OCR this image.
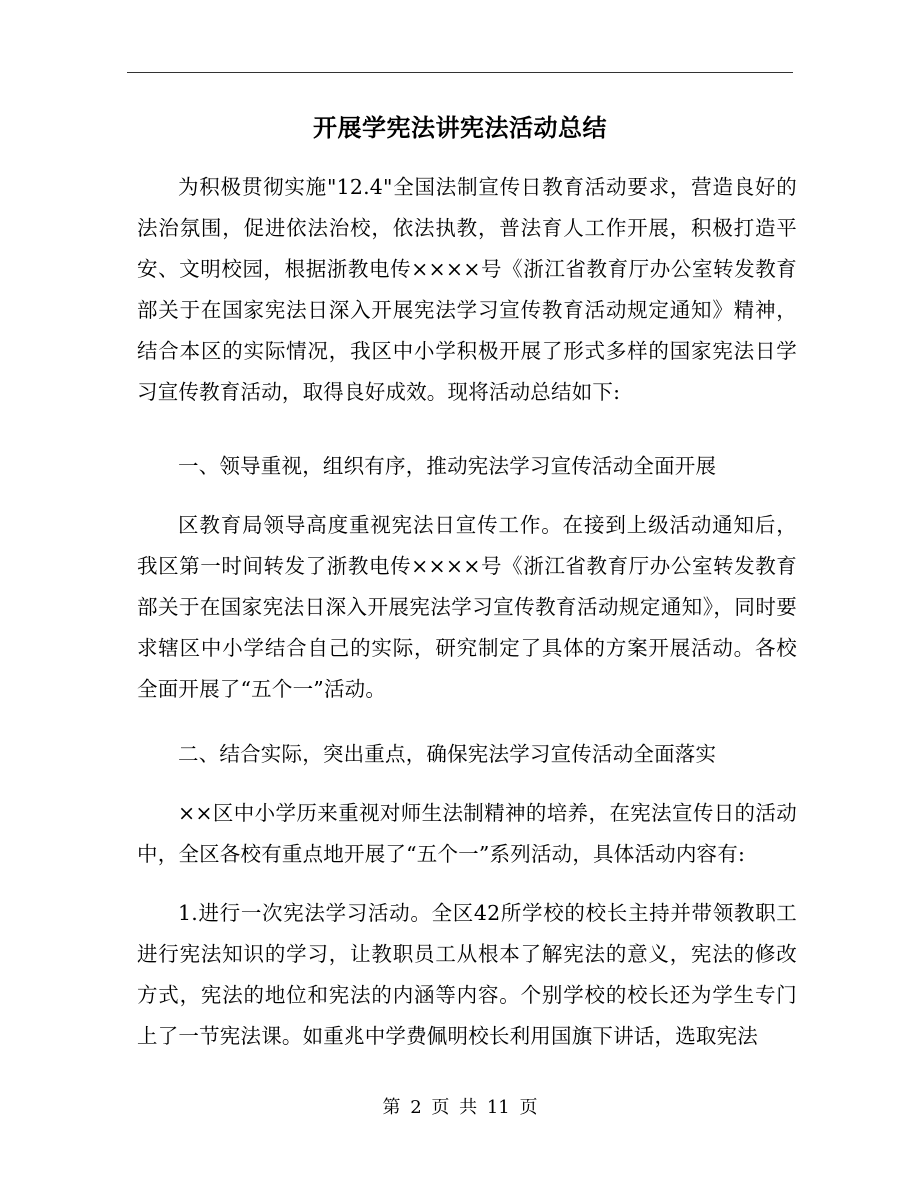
开展学宪法讲宪法活动总结
为积极贯彻实施"12.4"全国法制宣传日教育活动要求，营造良好的法治氛围，促进依法治校，依法执教，普法育人工作开展，积极打造平安、文明校园，根据浙教电传××××号《浙江省教育厅办公室转发教育部关于在国家宪法日深入开展宪法学习宣传教育活动规定通知》精神，结合本区的实际情况，我区中小学积极开展了形式多样的国家宪法日学习宣传教育活动，取得良好成效。现将活动总结如下:
一、领导重视，组织有序，推动宪法学习宣传活动全面开展
区教育局领导高度重视宪法日宣传工作。在接到上级活动通知后，我区第一时间转发了浙教电传××××号《浙江省教育厅办公室转发教育部关于在国家宪法日深入开展宪法学习宣传教育活动规定通知》，同时要求辖区中小学结合自己的实际，研究制定了具体的方案开展活动。各校全面开展了“五个一”活动。
二、结合实际，突出重点，确保宪法学习宣传活动全面落实
××区中小学历来重视对师生法制精神的培养，在宪法宣传日的活动中，全区各校有重点地开展了“五个一”系列活动，具体活动内容有:
1.进行一次宪法学习活动。全区42所学校的校长主持并带领教职工进行宪法知识的学习，让教职员工从根本了解宪法的意义，宪法的修改方式，宪法的地位和宪法的内涵等内容。个别学校的校长还为学生专门上了一节宪法课。如重兆中学费佩明校长利用国旗下讲话，选取宪法
第 2 页 共 11 页
